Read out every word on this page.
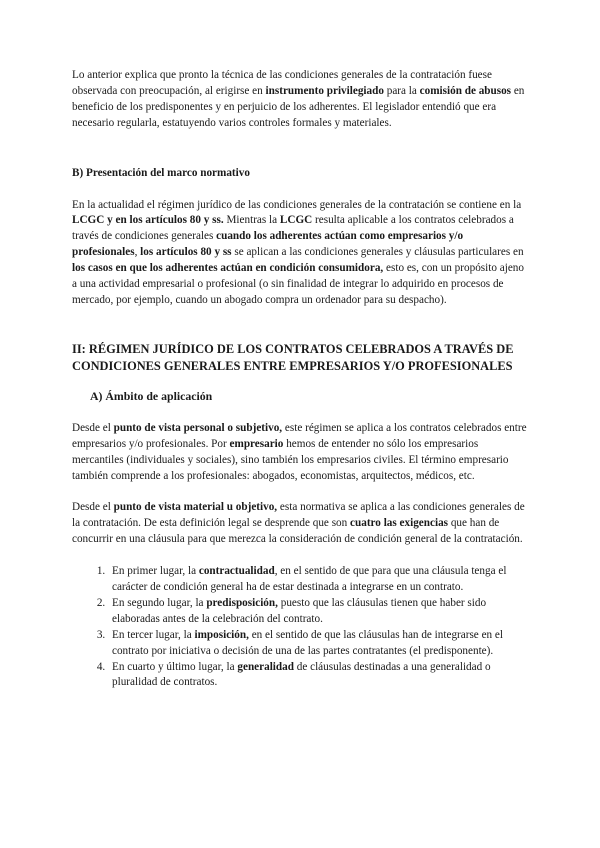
Lo anterior explica que pronto la técnica de las condiciones generales de la contratación fuese observada con preocupación, al erigirse en instrumento privilegiado para la comisión de abusos en beneficio de los predisponentes y en perjuicio de los adherentes. El legislador entendió que era necesario regularla, estatuyendo varios controles formales y materiales.

B) Presentación del marco normativo

En la actualidad el régimen jurídico de las condiciones generales de la contratación se contiene en la LCGC y en los artículos 80 y ss. Mientras la LCGC resulta aplicable a los contratos celebrados a través de condiciones generales cuando los adherentes actúan como empresarios y/o profesionales, los artículos 80 y ss se aplican a las condiciones generales y cláusulas particulares en los casos en que los adherentes actúan en condición consumidora, esto es, con un propósito ajeno a una actividad empresarial o profesional (o sin finalidad de integrar lo adquirido en procesos de mercado, por ejemplo, cuando un abogado compra un ordenador para su despacho).

II: RÉGIMEN JURÍDICO DE LOS CONTRATOS CELEBRADOS A TRAVÉS DE CONDICIONES GENERALES ENTRE EMPRESARIOS Y/O PROFESIONALES

A) Ámbito de aplicación

Desde el punto de vista personal o subjetivo, este régimen se aplica a los contratos celebrados entre empresarios y/o profesionales. Por empresario hemos de entender no sólo los empresarios mercantiles (individuales y sociales), sino también los empresarios civiles. El término empresario también comprende a los profesionales: abogados, economistas, arquitectos, médicos, etc.

Desde el punto de vista material u objetivo, esta normativa se aplica a las condiciones generales de la contratación. De esta definición legal se desprende que son cuatro las exigencias que han de concurrir en una cláusula para que merezca la consideración de condición general de la contratación.

1. En primer lugar, la contractualidad, en el sentido de que para que una cláusula tenga el carácter de condición general ha de estar destinada a integrarse en un contrato.
2. En segundo lugar, la predisposición, puesto que las cláusulas tienen que haber sido elaboradas antes de la celebración del contrato.
3. En tercer lugar, la imposición, en el sentido de que las cláusulas han de integrarse en el contrato por iniciativa o decisión de una de las partes contratantes (el predisponente).
4. En cuarto y último lugar, la generalidad de cláusulas destinadas a una generalidad o pluralidad de contratos.
